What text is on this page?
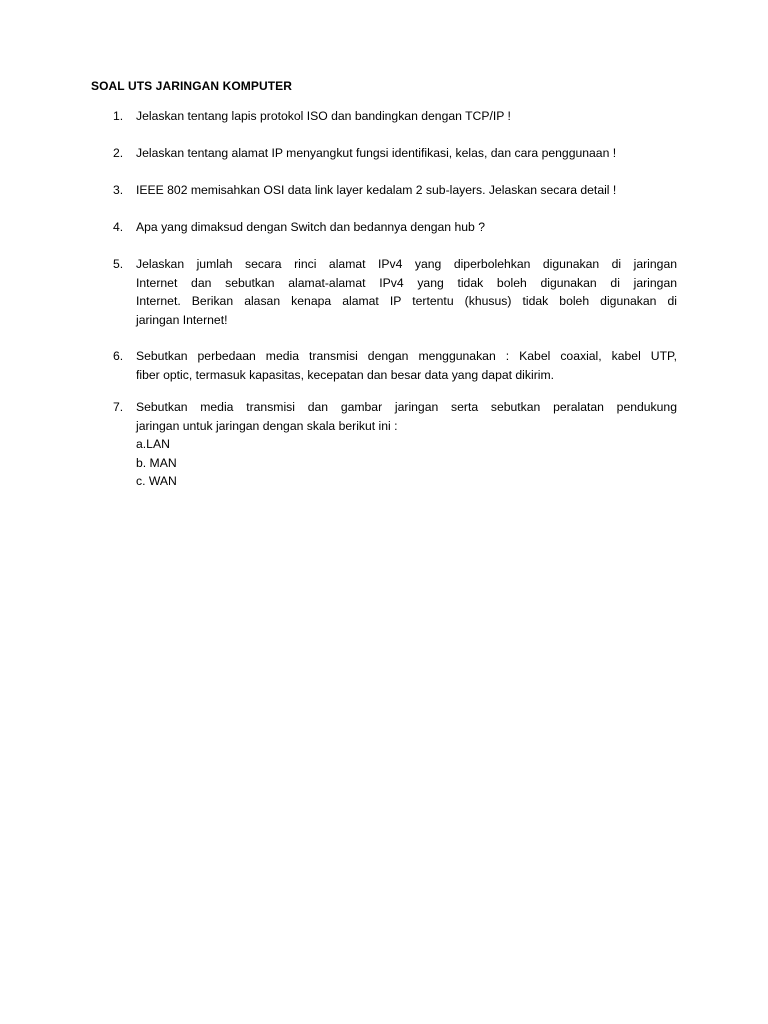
SOAL UTS JARINGAN KOMPUTER
1.	Jelaskan tentang lapis protokol ISO dan bandingkan dengan TCP/IP !
2.	Jelaskan tentang alamat IP menyangkut fungsi identifikasi, kelas, dan cara penggunaan !
3.	IEEE 802 memisahkan OSI data link layer kedalam 2 sub-layers. Jelaskan secara detail !
4.	Apa yang dimaksud dengan Switch dan bedannya dengan hub ?
5.	Jelaskan jumlah secara rinci alamat IPv4 yang diperbolehkan digunakan di jaringan
Internet dan sebutkan alamat-alamat IPv4 yang tidak boleh digunakan di jaringan
Internet. Berikan alasan kenapa alamat IP tertentu (khusus) tidak boleh digunakan di
jaringan Internet!
6.	Sebutkan perbedaan media transmisi dengan menggunakan : Kabel coaxial, kabel UTP,
fiber optic, termasuk kapasitas, kecepatan dan besar data yang dapat dikirim.
7.	Sebutkan media transmisi dan gambar jaringan serta sebutkan peralatan pendukung
jaringan untuk jaringan dengan skala berikut ini :
a.LAN
b. MAN
c. WAN
